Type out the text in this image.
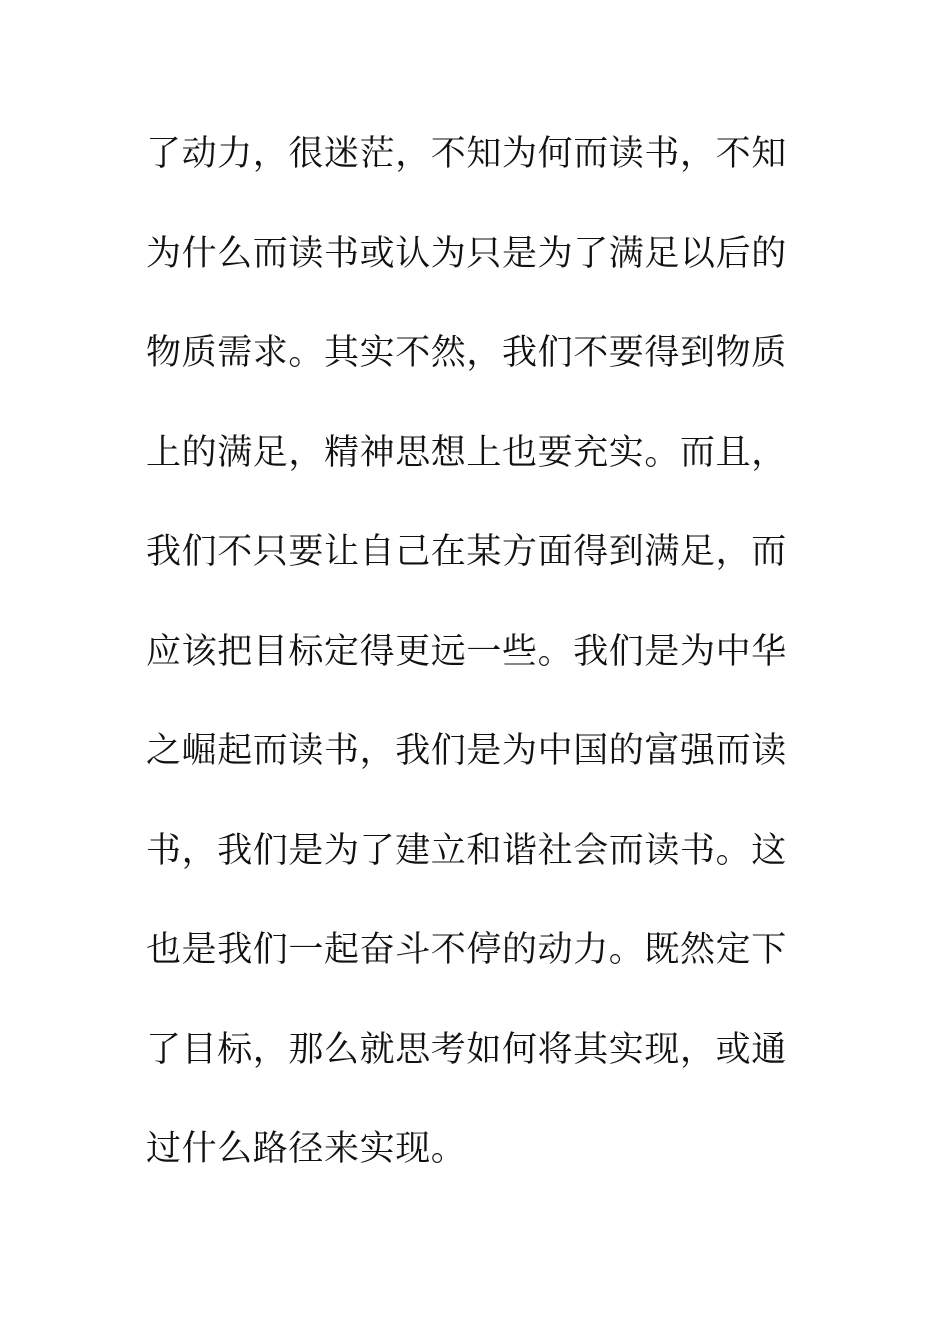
了动力，很迷茫，不知为何而读书，不知
为什么而读书或认为只是为了满足以后的
物质需求。其实不然，我们不要得到物质
上的满足，精神思想上也要充实。而且，
我们不只要让自己在某方面得到满足，而
应该把目标定得更远一些。我们是为中华
之崛起而读书，我们是为中国的富强而读
书，我们是为了建立和谐社会而读书。这
也是我们一起奋斗不停的动力。既然定下
了目标，那么就思考如何将其实现，或通
过什么路径来实现。
